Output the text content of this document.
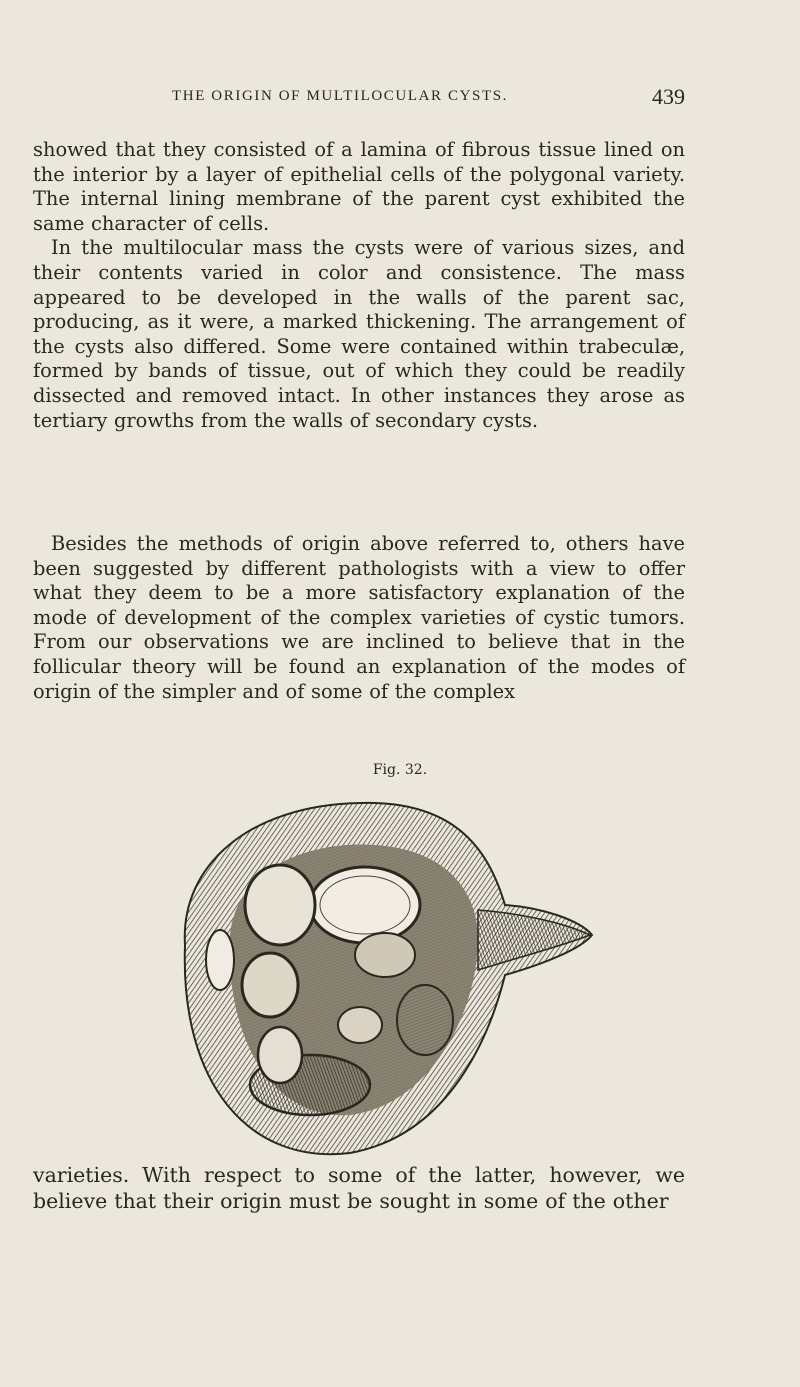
THE ORIGIN OF MULTILOCULAR CYSTS.	439

showed that they consisted of a lamina of fibrous tissue lined on the interior by a layer of epithelial cells of the polygonal variety. The internal lining membrane of the parent cyst exhibited the same character of cells.
In the multilocular mass the cysts were of various sizes, and their contents varied in color and consistence. The mass appeared to be developed in the walls of the parent sac, producing, as it were, a marked thickening. The arrangement of the cysts also differed. Some were contained within trabeculæ, formed by bands of tissue, out of which they could be readily dissected and removed intact. In other instances they arose as tertiary growths from the walls of secondary cysts.

Besides the methods of origin above referred to, others have been suggested by different pathologists with a view to offer what they deem to be a more satisfactory explanation of the mode of development of the complex varieties of cystic tumors. From our observations we are inclined to believe that in the follicular theory will be found an explanation of the modes of origin of the simpler and of some of the complex

Fig. 32.

varieties. With respect to some of the latter, however, we believe that their origin must be sought in some of the other
